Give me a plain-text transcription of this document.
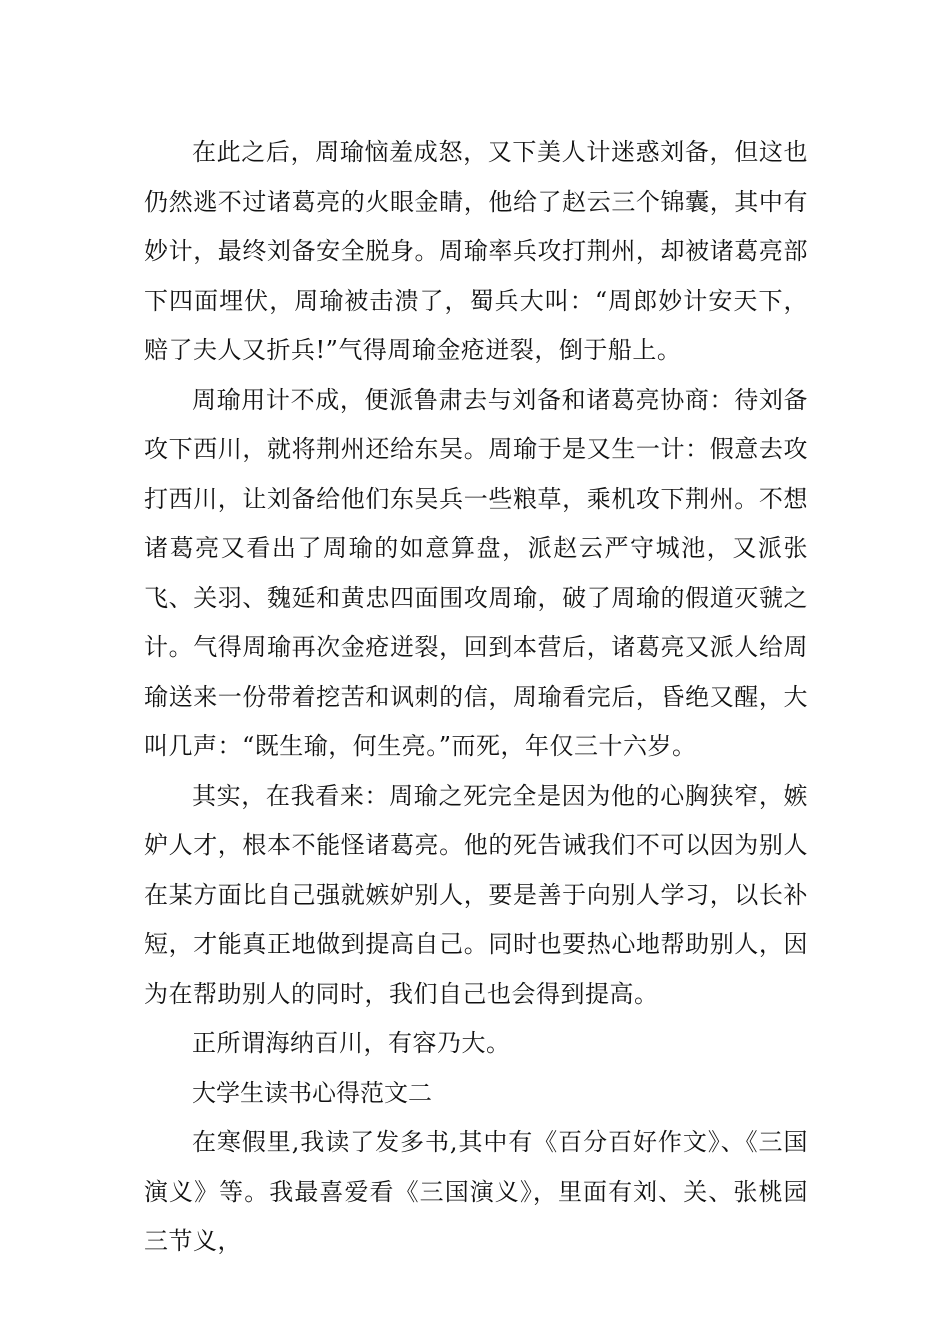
在此之后，周瑜恼羞成怒，又下美人计迷惑刘备，但这也仍然逃不过诸葛亮的火眼金睛，他给了赵云三个锦囊，其中有妙计，最终刘备安全脱身。周瑜率兵攻打荆州，却被诸葛亮部下四面埋伏，周瑜被击溃了，蜀兵大叫：“周郎妙计安天下，赔了夫人又折兵!”气得周瑜金疮迸裂，倒于船上。

周瑜用计不成，便派鲁肃去与刘备和诸葛亮协商：待刘备攻下西川，就将荆州还给东吴。周瑜于是又生一计：假意去攻打西川，让刘备给他们东吴兵一些粮草，乘机攻下荆州。不想诸葛亮又看出了周瑜的如意算盘，派赵云严守城池，又派张飞、关羽、魏延和黄忠四面围攻周瑜，破了周瑜的假道灭虢之计。气得周瑜再次金疮迸裂，回到本营后，诸葛亮又派人给周瑜送来一份带着挖苦和讽刺的信，周瑜看完后，昏绝又醒，大叫几声：“既生瑜，何生亮。”而死，年仅三十六岁。

其实，在我看来：周瑜之死完全是因为他的心胸狭窄，嫉妒人才，根本不能怪诸葛亮。他的死告诫我们不可以因为别人在某方面比自己强就嫉妒别人，要是善于向别人学习，以长补短，才能真正地做到提高自己。同时也要热心地帮助别人，因为在帮助别人的同时，我们自己也会得到提高。

正所谓海纳百川，有容乃大。

大学生读书心得范文二

在寒假里,我读了发多书,其中有《百分百好作文》、《三国演义》等。我最喜爱看《三国演义》，里面有刘、关、张桃园三节义，
